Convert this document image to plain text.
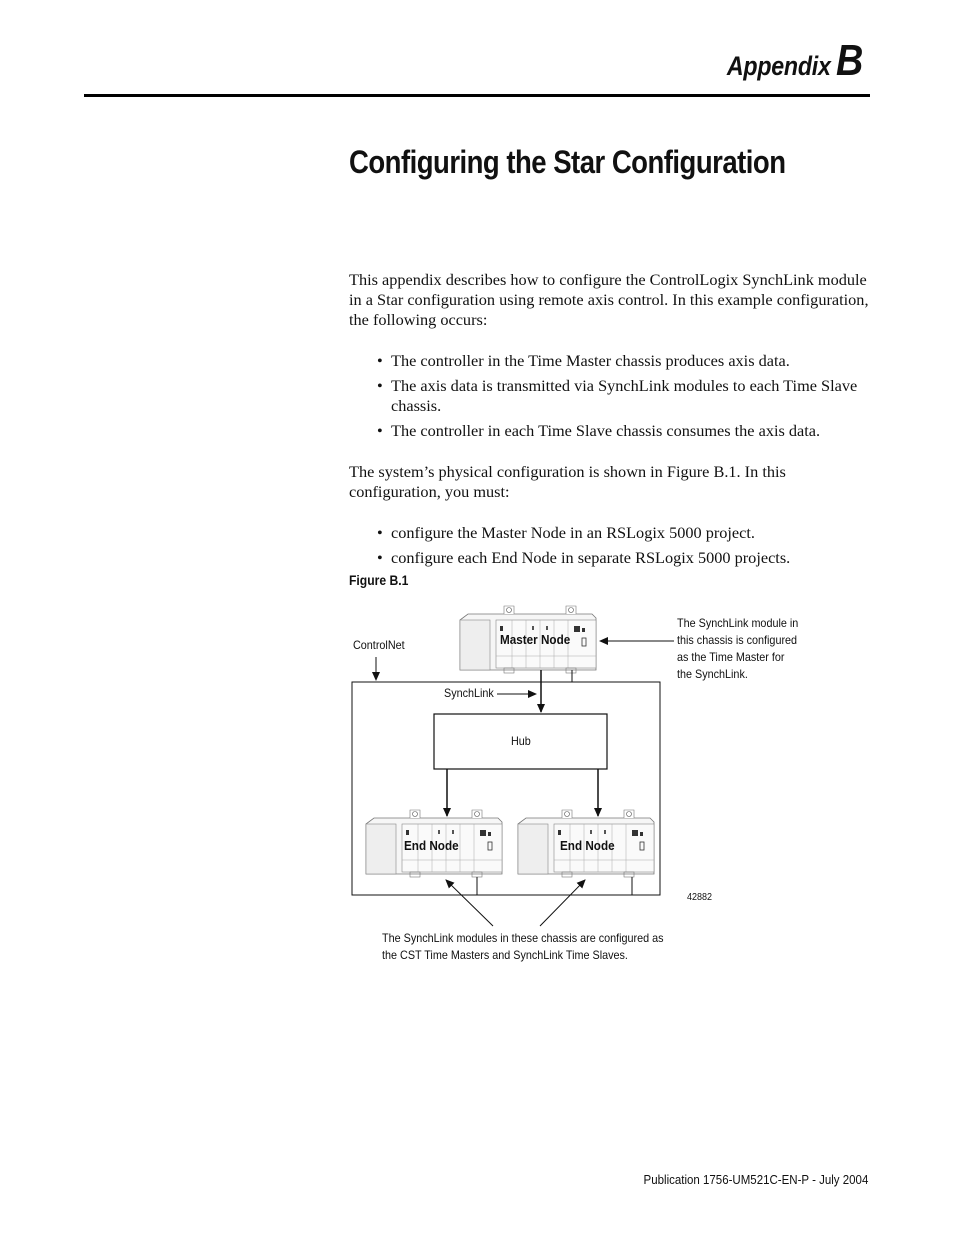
Appendix B
Configuring the Star Configuration
This appendix describes how to configure the ControlLogix SynchLink module in a Star configuration using remote axis control. In this example configuration, the following occurs:
• The controller in the Time Master chassis produces axis data.
• The axis data is transmitted via SynchLink modules to each Time Slave chassis.
• The controller in each Time Slave chassis consumes the axis data.
The system’s physical configuration is shown in Figure B.1. In this configuration, you must:
• configure the Master Node in an RSLogix 5000 project.
• configure each End Node in separate RSLogix 5000 projects.
Figure B.1
Master Node
End Node	End Node
Hub
ControlNet
SynchLink
The SynchLink module in
this chassis is configured
as the Time Master for
the SynchLink.
The SynchLink modules in these chassis are configured as
the CST Time Masters and SynchLink Time Slaves.
42882
Publication 1756-UM521C-EN-P - July 2004
